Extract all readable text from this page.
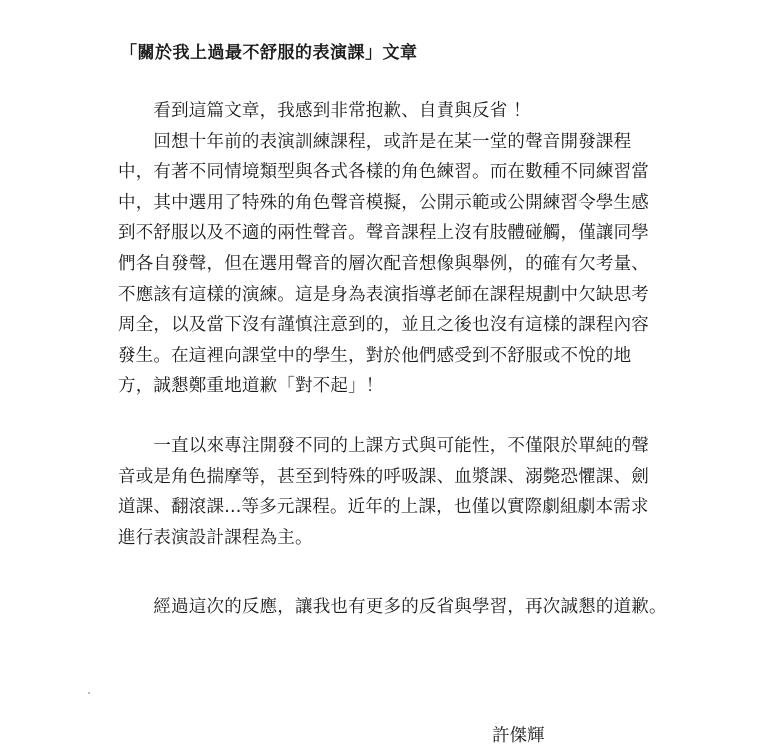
「關於我上過最不舒服的表演課」文章
　　看到這篇文章，我感到非常抱歉、自責與反省 ！
　　回想十年前的表演訓練課程，或許是在某一堂的聲音開發課程
中，有著不同情境類型與各式各樣的角色練習。而在數種不同練習當
中，其中選用了特殊的角色聲音模擬，公開示範或公開練習令學生感
到不舒服以及不適的兩性聲音。聲音課程上沒有肢體碰觸，僅讓同學
們各自發聲，但在選用聲音的層次配音想像與舉例，的確有欠考量、
不應該有這樣的演練。這是身為表演指導老師在課程規劃中欠缺思考
周全，以及當下沒有謹慎注意到的，並且之後也沒有這樣的課程內容
發生。在這裡向課堂中的學生，對於他們感受到不舒服或不悅的地
方，誠懇鄭重地道歉「對不起」！
　　一直以來專注開發不同的上課方式與可能性，不僅限於單純的聲
音或是角色揣摩等，甚至到特殊的呼吸課、血漿課、溺斃恐懼課、劍
道課、翻滾課...等多元課程。近年的上課，也僅以實際劇組劇本需求
進行表演設計課程為主。
　　經過這次的反應，讓我也有更多的反省與學習，再次誠懇的道歉。
許傑輝
